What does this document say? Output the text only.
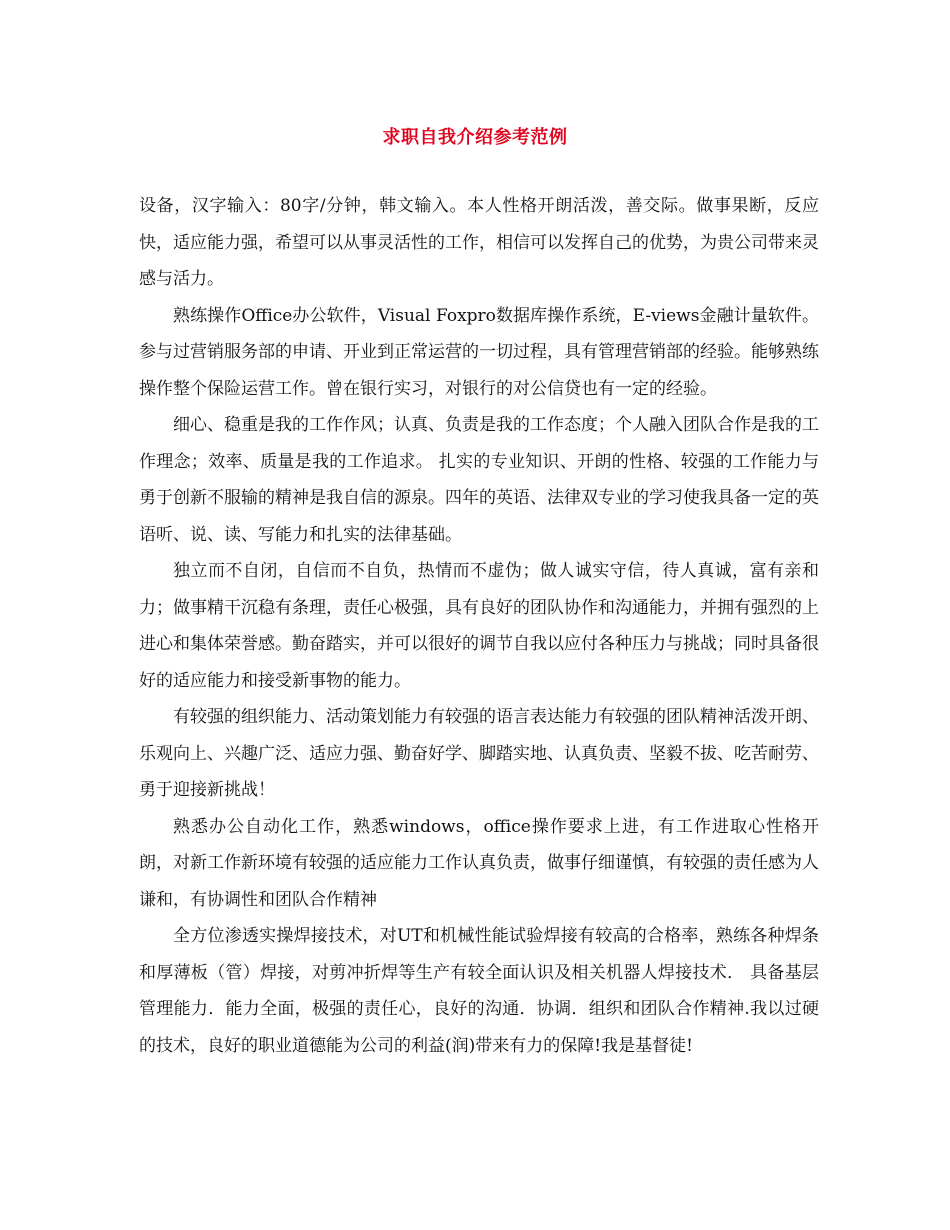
求职自我介绍参考范例

设备，汉字输入：80字/分钟，韩文输入。本人性格开朗活泼，善交际。做事果断，反应快，适应能力强，希望可以从事灵活性的工作，相信可以发挥自己的优势，为贵公司带来灵感与活力。

熟练操作Office办公软件，Visual Foxpro数据库操作系统，E-views金融计量软件。参与过营销服务部的申请、开业到正常运营的一切过程，具有管理营销部的经验。能够熟练操作整个保险运营工作。曾在银行实习，对银行的对公信贷也有一定的经验。

细心、稳重是我的工作作风；认真、负责是我的工作态度；个人融入团队合作是我的工作理念；效率、质量是我的工作追求。 扎实的专业知识、开朗的性格、较强的工作能力与勇于创新不服输的精神是我自信的源泉。四年的英语、法律双专业的学习使我具备一定的英语听、说、读、写能力和扎实的法律基础。

独立而不自闭，自信而不自负，热情而不虚伪；做人诚实守信，待人真诚，富有亲和力；做事精干沉稳有条理，责任心极强，具有良好的团队协作和沟通能力，并拥有强烈的上进心和集体荣誉感。勤奋踏实，并可以很好的调节自我以应付各种压力与挑战；同时具备很好的适应能力和接受新事物的能力。

有较强的组织能力、活动策划能力有较强的语言表达能力有较强的团队精神活泼开朗、乐观向上、兴趣广泛、适应力强、勤奋好学、脚踏实地、认真负责、坚毅不拔、吃苦耐劳、勇于迎接新挑战！

熟悉办公自动化工作，熟悉windows，office操作要求上进，有工作进取心性格开朗，对新工作新环境有较强的适应能力工作认真负责，做事仔细谨慎，有较强的责任感为人谦和，有协调性和团队合作精神

全方位渗透实操焊接技术，对UT和机械性能试验焊接有较高的合格率，熟练各种焊条和厚薄板（管）焊接，对剪冲折焊等生产有较全面认识及相关机器人焊接技术． 具备基层管理能力．能力全面，极强的责任心，良好的沟通．协调．组织和团队合作精神.我以过硬的技术，良好的职业道德能为公司的利益(润)带来有力的保障!我是基督徒!
